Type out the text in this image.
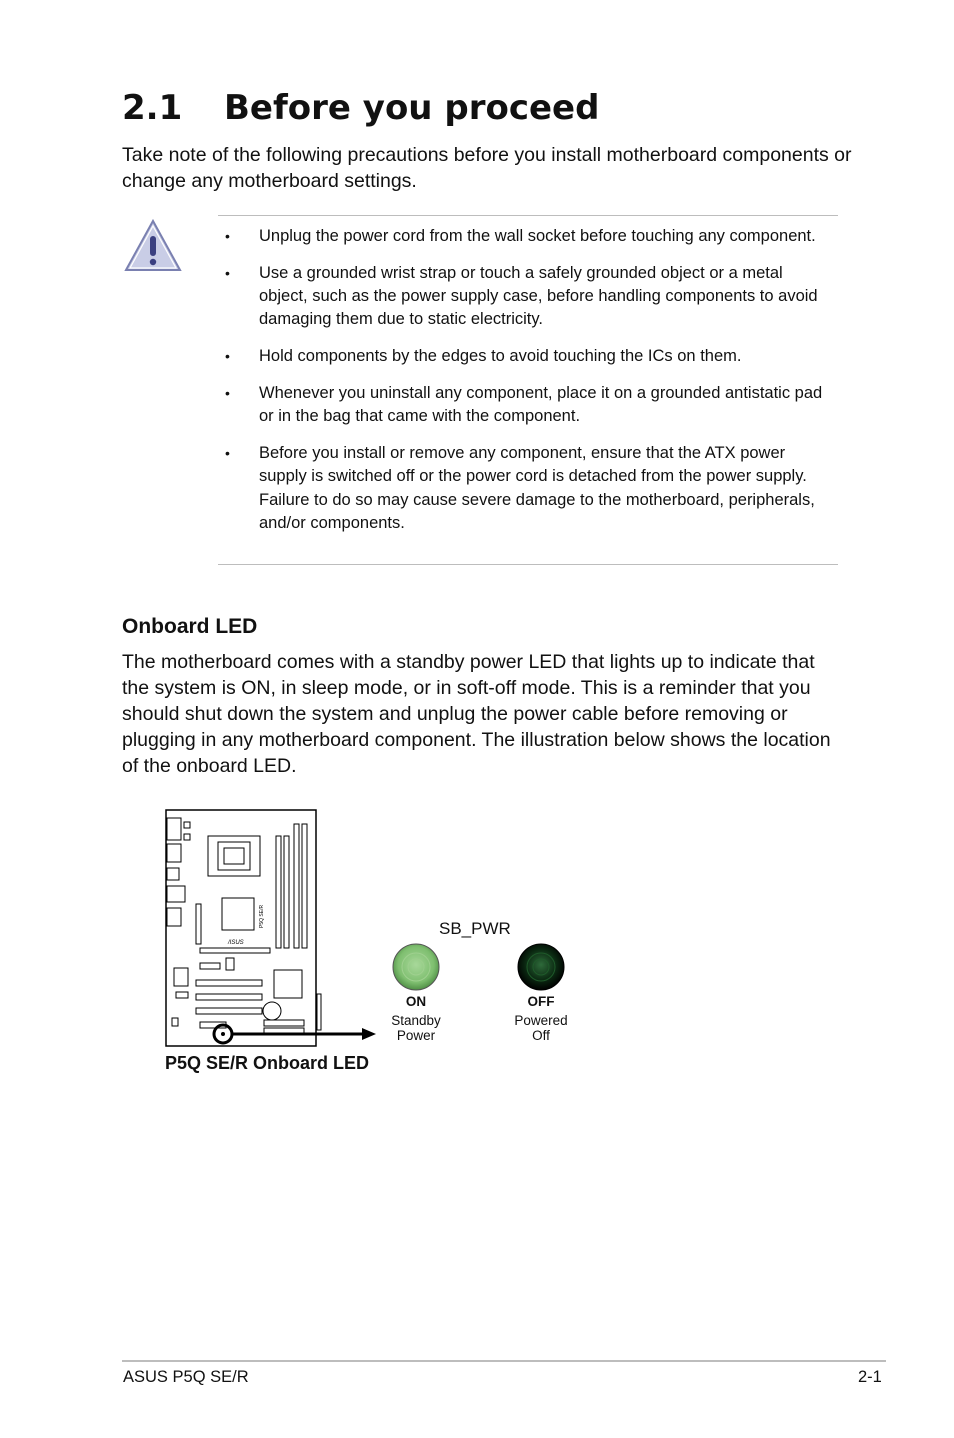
2.1 Before you proceed
Take note of the following precautions before you install motherboard components or change any motherboard settings.
• Unplug the power cord from the wall socket before touching any component.
• Use a grounded wrist strap or touch a safely grounded object or a metal object, such as the power supply case, before handling components to avoid damaging them due to static electricity.
• Hold components by the edges to avoid touching the ICs on them.
• Whenever you uninstall any component, place it on a grounded antistatic pad or in the bag that came with the component.
• Before you install or remove any component, ensure that the ATX power supply is switched off or the power cord is detached from the power supply. Failure to do so may cause severe damage to the motherboard, peripherals, and/or components.
Onboard LED
The motherboard comes with a standby power LED that lights up to indicate that the system is ON, in sleep mode, or in soft-off mode. This is a reminder that you should shut down the system and unplug the power cable before removing or plugging in any motherboard component. The illustration below shows the location of the onboard LED.
P5Q SE/R
/ISUS
SB_PWR
ON
Standby
Power
OFF
Powered
Off
P5Q SE/R Onboard LED
ASUS P5Q SE/R	2-1
